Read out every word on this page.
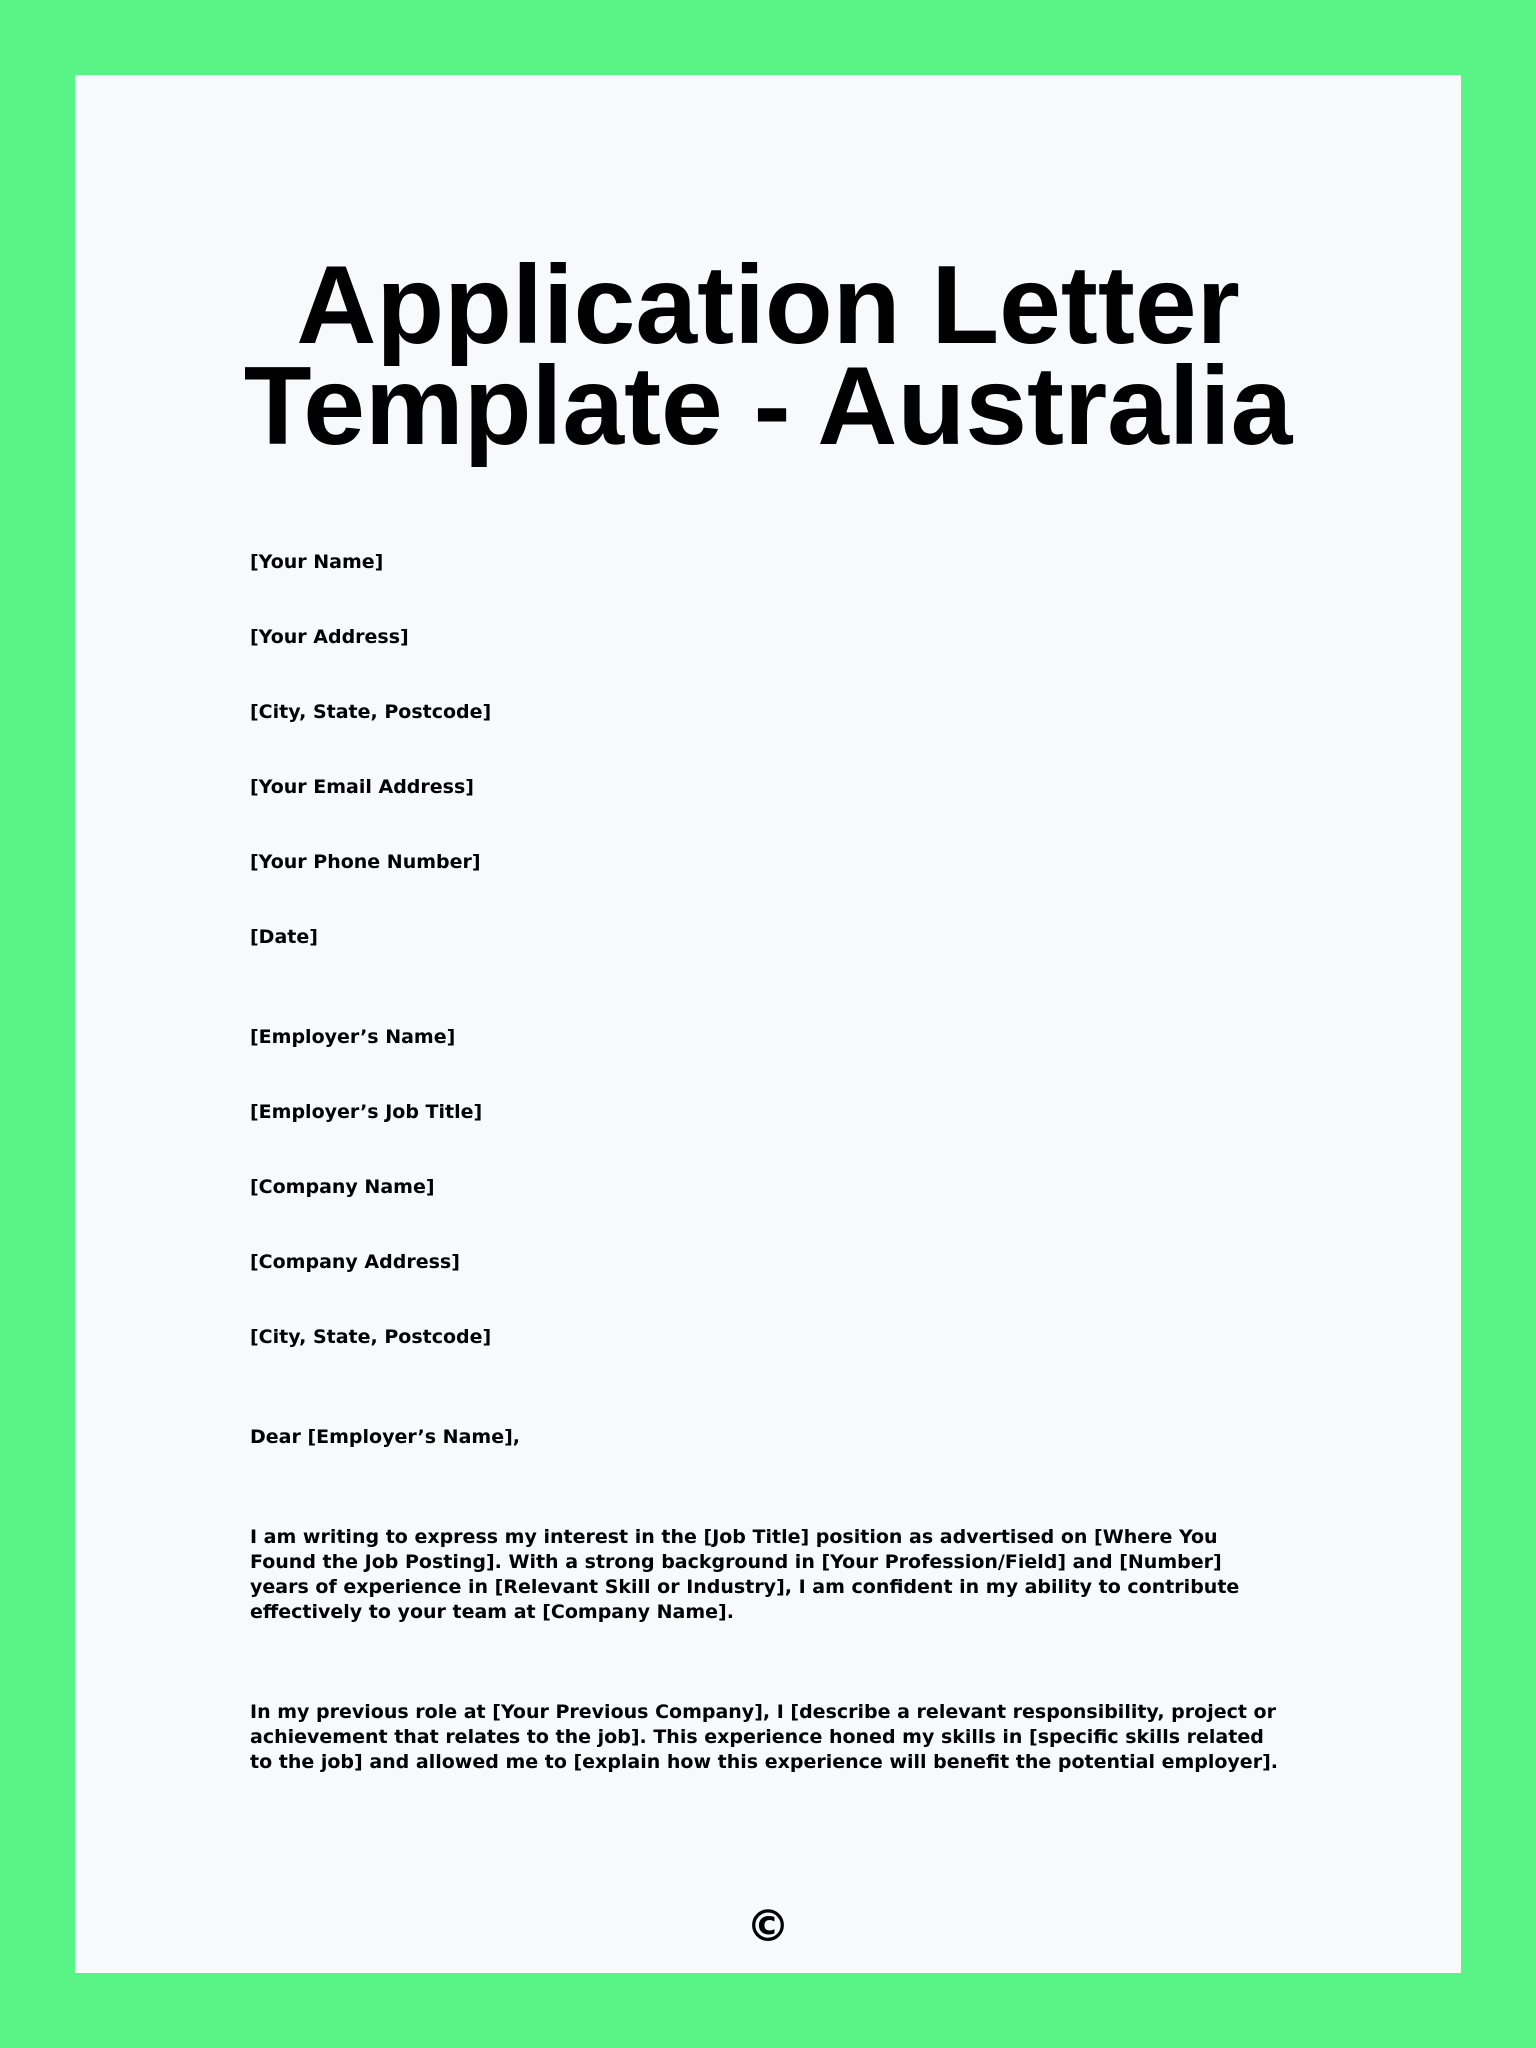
Application Letter Template - Australia
[Your Name]
[Your Address]
[City, State, Postcode]
[Your Email Address]
[Your Phone Number]
[Date]
[Employer’s Name]
[Employer’s Job Title]
[Company Name]
[Company Address]
[City, State, Postcode]
Dear [Employer’s Name],

I am writing to express my interest in the [Job Title] position as advertised on [Where You Found the Job Posting]. With a strong background in [Your Profession/Field] and [Number] years of experience in [Relevant Skill or Industry], I am confident in my ability to contribute effectively to your team at [Company Name].

In my previous role at [Your Previous Company], I [describe a relevant responsibility, project or achievement that relates to the job]. This experience honed my skills in [specific skills related to the job] and allowed me to [explain how this experience will benefit the potential employer].

©
